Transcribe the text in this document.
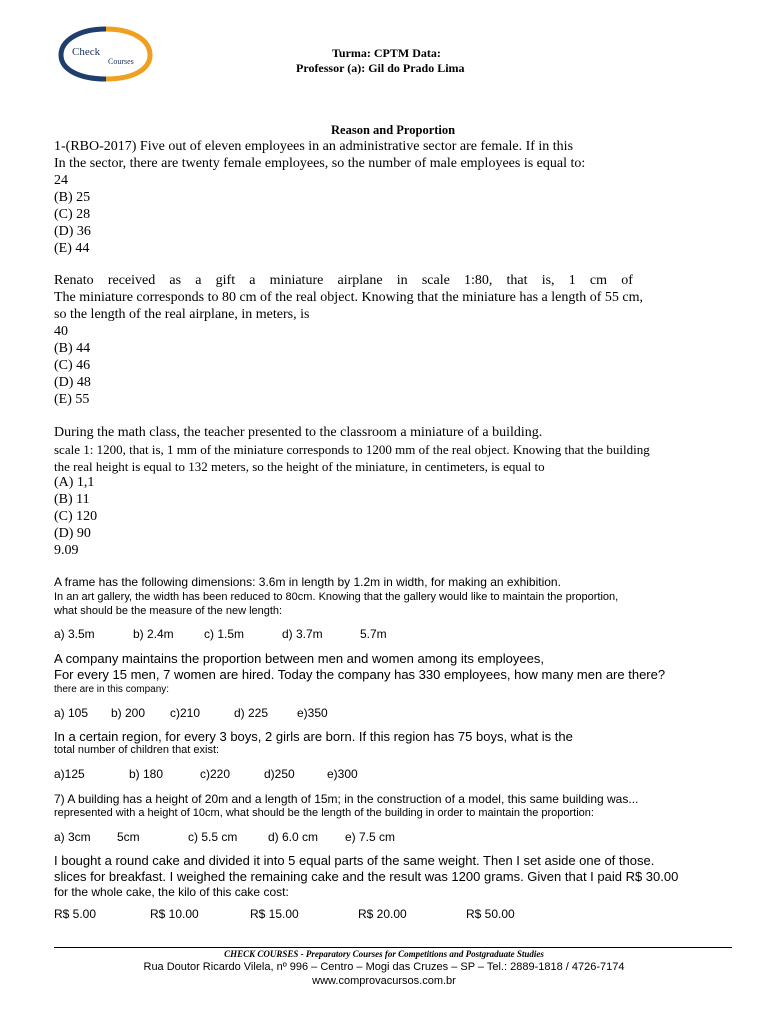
Check
Courses
Turma: CPTM Data:
Professor (a): Gil do Prado Lima
Reason and Proportion
1-(RBO-2017) Five out of eleven employees in an administrative sector are female. If in this
In the sector, there are twenty female employees, so the number of male employees is equal to:
24
(B) 25
(C) 28
(D) 36
(E) 44
Renato received as a gift a miniature airplane in scale 1:80, that is, 1 cm of
The miniature corresponds to 80 cm of the real object. Knowing that the miniature has a length of 55 cm,
so the length of the real airplane, in meters, is
40
(B) 44
(C) 46
(D) 48
(E) 55
During the math class, the teacher presented to the classroom a miniature of a building.
scale 1: 1200, that is, 1 mm of the miniature corresponds to 1200 mm of the real object. Knowing that the building
the real height is equal to 132 meters, so the height of the miniature, in centimeters, is equal to
(A) 1,1
(B) 11
(C) 120
(D) 90
9.09
A frame has the following dimensions: 3.6m in length by 1.2m in width, for making an exhibition.
In an art gallery, the width has been reduced to 80cm. Knowing that the gallery would like to maintain the proportion,
what should be the measure of the new length:
a) 3.5m	b) 2.4m	c) 1.5m	d) 3.7m	5.7m
A company maintains the proportion between men and women among its employees,
For every 15 men, 7 women are hired. Today the company has 330 employees, how many men are there?
there are in this company:
a) 105 b) 200 c)210	d) 225 e)350
In a certain region, for every 3 boys, 2 girls are born. If this region has 75 boys, what is the
total number of children that exist:
a)125	b) 180	c)220	d)250	e)300
7) A building has a height of 20m and a length of 15m; in the construction of a model, this same building was...
represented with a height of 10cm, what should be the length of the building in order to maintain the proportion:
a) 3cm 5cm	c) 5.5 cm	d) 6.0 cm e) 7.5 cm
I bought a round cake and divided it into 5 equal parts of the same weight. Then I set aside one of those.
slices for breakfast. I weighed the remaining cake and the result was 1200 grams. Given that I paid R$ 30.00
for the whole cake, the kilo of this cake cost:
R$ 5.00	R$ 10.00	R$ 15.00	R$ 20.00	R$ 50.00
CHECK COURSES - Preparatory Courses for Competitions and Postgraduate Studies
Rua Doutor Ricardo Vilela, nº 996 – Centro – Mogi das Cruzes – SP – Tel.: 2889-1818 / 4726-7174
www.comprovacursos.com.br
